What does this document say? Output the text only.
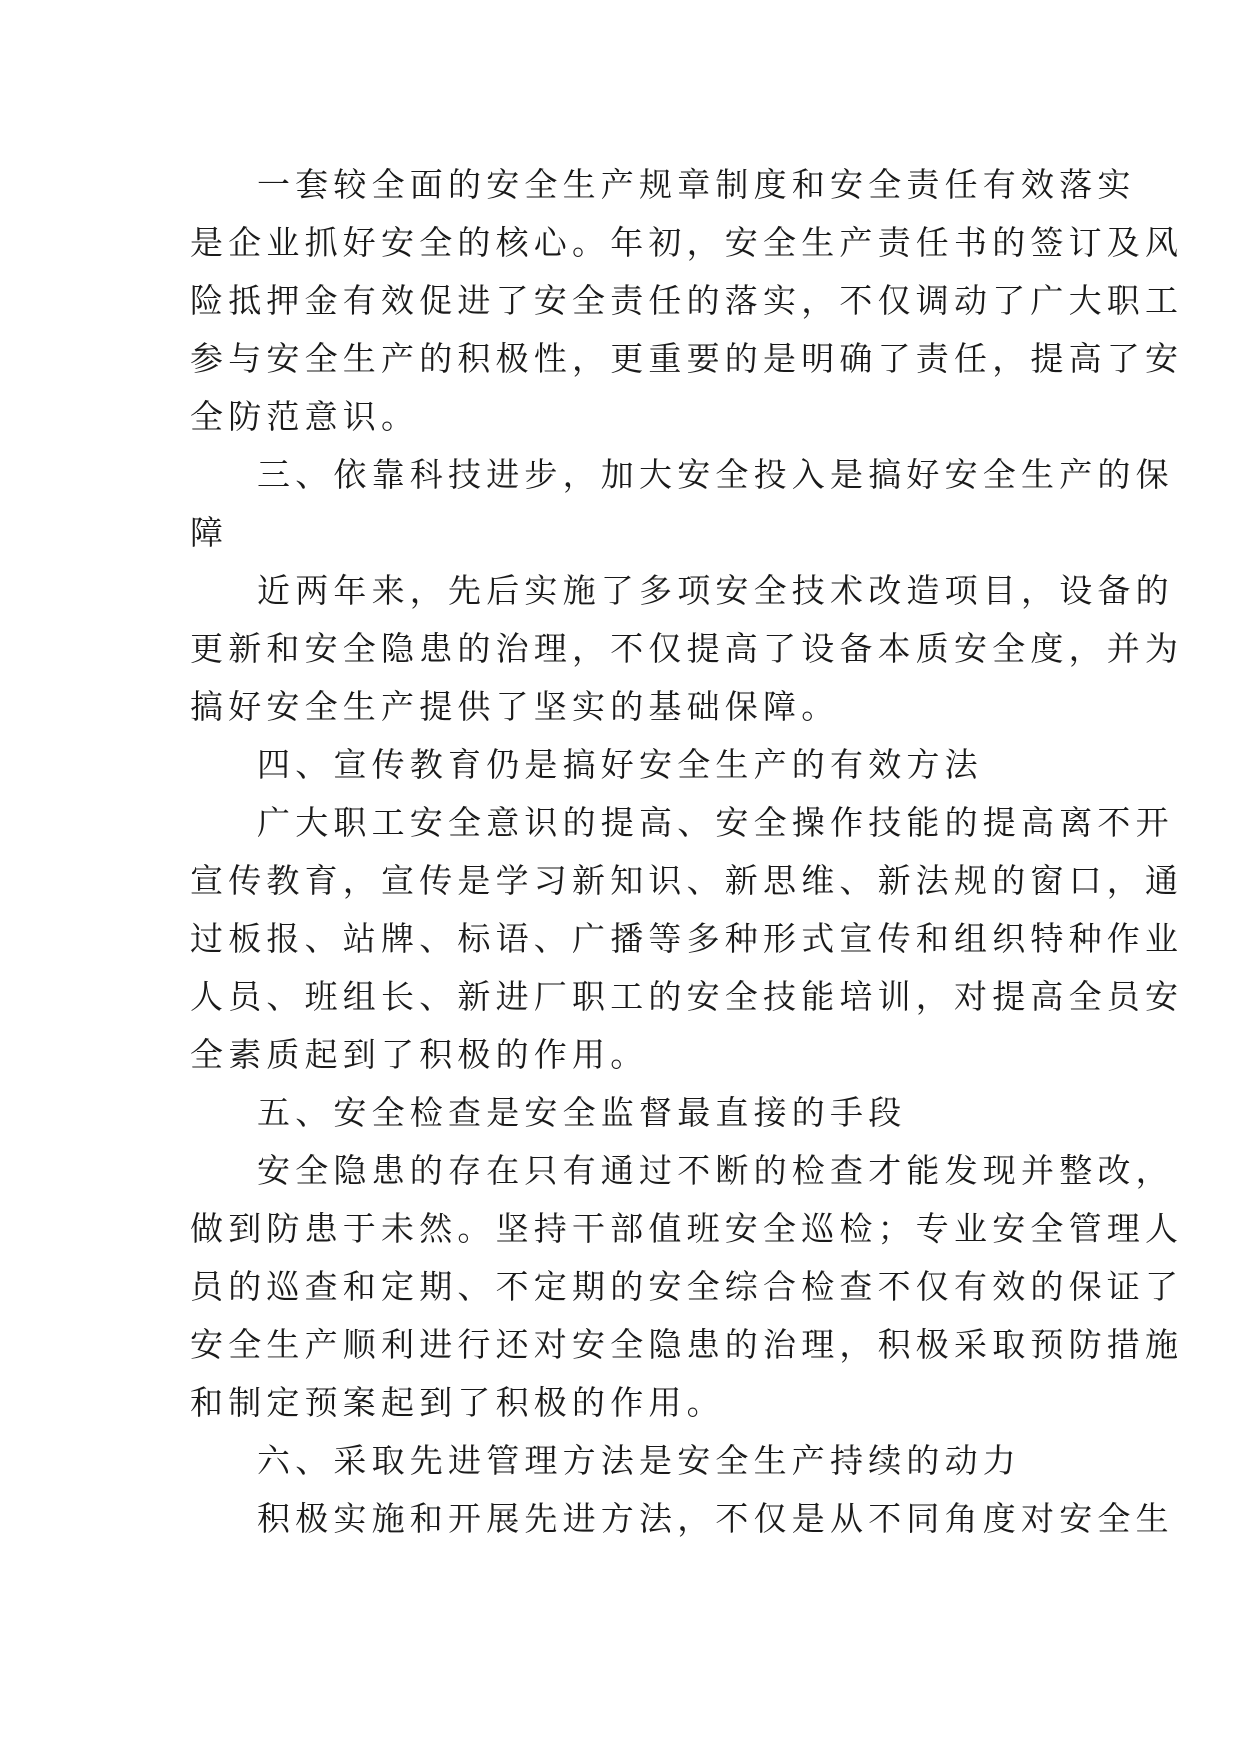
一套较全面的安全生产规章制度和安全责任有效落实
是企业抓好安全的核心。年初，安全生产责任书的签订及风
险抵押金有效促进了安全责任的落实，不仅调动了广大职工
参与安全生产的积极性，更重要的是明确了责任，提高了安
全防范意识。
三、依靠科技进步，加大安全投入是搞好安全生产的保
障
近两年来，先后实施了多项安全技术改造项目，设备的
更新和安全隐患的治理，不仅提高了设备本质安全度，并为
搞好安全生产提供了坚实的基础保障。
四、宣传教育仍是搞好安全生产的有效方法
广大职工安全意识的提高、安全操作技能的提高离不开
宣传教育，宣传是学习新知识、新思维、新法规的窗口，通
过板报、站牌、标语、广播等多种形式宣传和组织特种作业
人员、班组长、新进厂职工的安全技能培训，对提高全员安
全素质起到了积极的作用。
五、安全检查是安全监督最直接的手段
安全隐患的存在只有通过不断的检查才能发现并整改，
做到防患于未然。坚持干部值班安全巡检；专业安全管理人
员的巡查和定期、不定期的安全综合检查不仅有效的保证了
安全生产顺利进行还对安全隐患的治理，积极采取预防措施
和制定预案起到了积极的作用。
六、采取先进管理方法是安全生产持续的动力
积极实施和开展先进方法，不仅是从不同角度对安全生
